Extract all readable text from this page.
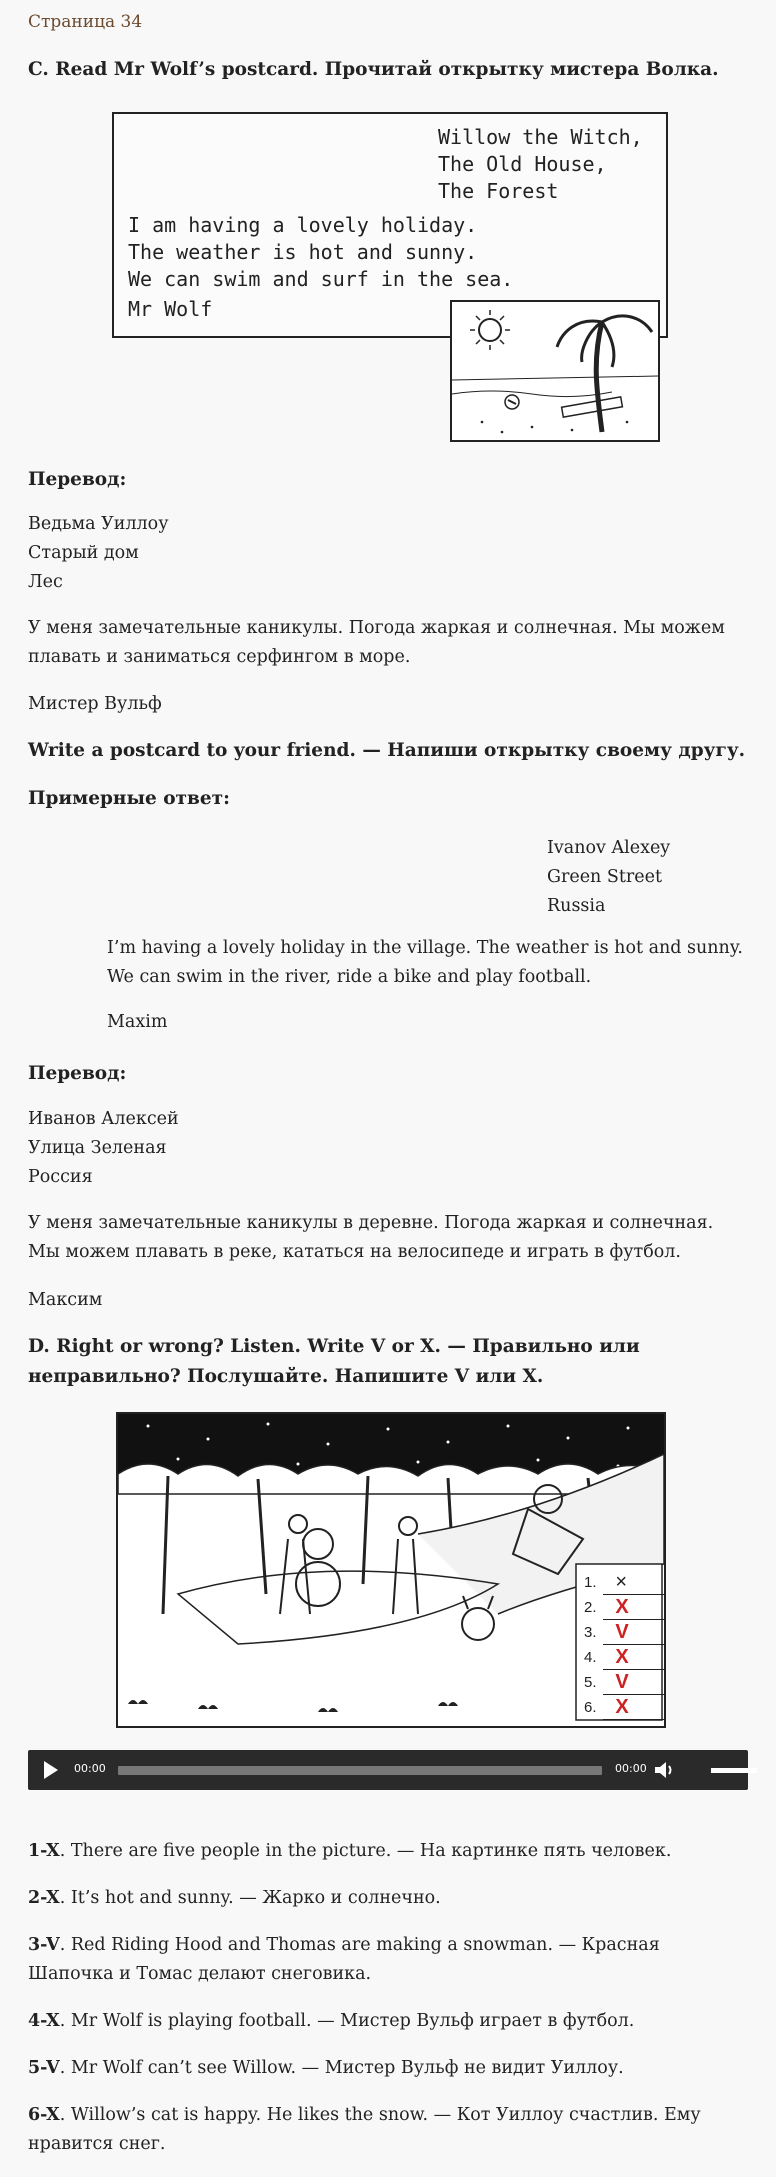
Страница 34
C. Read Mr Wolf’s postcard. Прочитай открытку мистера Волка.
Willow the Witch,
The Old House,
The Forest
I am having a lovely holiday.
The weather is hot and sunny.
We can swim and surf in the sea.
Mr Wolf
Перевод:
Ведьма Уиллоу
Старый дом
Лес
У меня замечательные каникулы. Погода жаркая и солнечная. Мы можем плавать и заниматься серфингом в море.
Мистер Вульф
Write a postcard to your friend. — Напиши открытку своему другу.
Примерные ответ:
Ivanov Alexey
Green Street
Russia
I’m having a lovely holiday in the village. The weather is hot and sunny.
We can swim in the river, ride a bike and play football.
Maxim
Перевод:
Иванов Алексей
Улица Зеленая
Россия
У меня замечательные каникулы в деревне. Погода жаркая и солнечная. Мы можем плавать в реке, кататься на велосипеде и играть в футбол.
Максим
D. Right or wrong? Listen. Write V or X. — Правильно или неправильно? Послушайте. Напишите V или X.
1. ×
2. X
3. V
4. X
5. V
6. X
00:00	00:00
1-X. There are five people in the picture. — На картинке пять человек.
2-X. It’s hot and sunny. — Жарко и солнечно.
3-V. Red Riding Hood and Thomas are making a snowman. — Красная Шапочка и Томас делают снеговика.
4-X. Mr Wolf is playing football. — Мистер Вульф играет в футбол.
5-V. Mr Wolf can’t see Willow. — Мистер Вульф не видит Уиллоу.
6-X. Willow’s cat is happy. He likes the snow. — Кот Уиллоу счастлив. Ему нравится снег.
